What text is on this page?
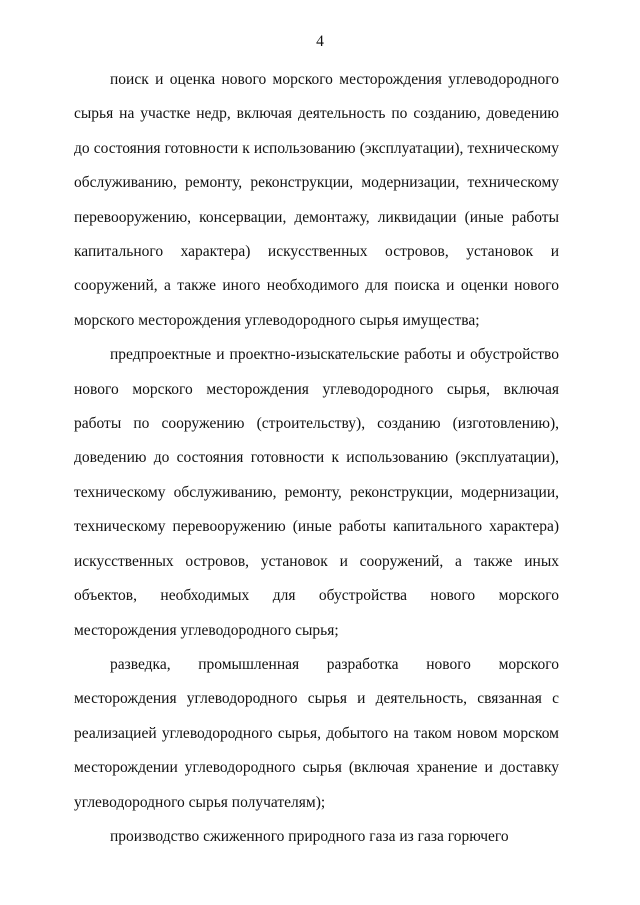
4

поиск и оценка нового морского месторождения углеводородного сырья на участке недр, включая деятельность по созданию, доведению до состояния готовности к использованию (эксплуатации), техническому обслуживанию, ремонту, реконструкции, модернизации, техническому перевооружению, консервации, демонтажу, ликвидации (иные работы капитального характера) искусственных островов, установок и сооружений, а также иного необходимого для поиска и оценки нового морского месторождения углеводородного сырья имущества;

предпроектные и проектно-изыскательские работы и обустройство нового морского месторождения углеводородного сырья, включая работы по сооружению (строительству), созданию (изготовлению), доведению до состояния готовности к использованию (эксплуатации), техническому обслуживанию, ремонту, реконструкции, модернизации, техническому перевооружению (иные работы капитального характера) искусственных островов, установок и сооружений, а также иных объектов, необходимых для обустройства нового морского месторождения углеводородного сырья;

разведка, промышленная разработка нового морского месторождения углеводородного сырья и деятельность, связанная с реализацией углеводородного сырья, добытого на таком новом морском месторождении углеводородного сырья (включая хранение и доставку углеводородного сырья получателям);

производство сжиженного природного газа из газа горючего
